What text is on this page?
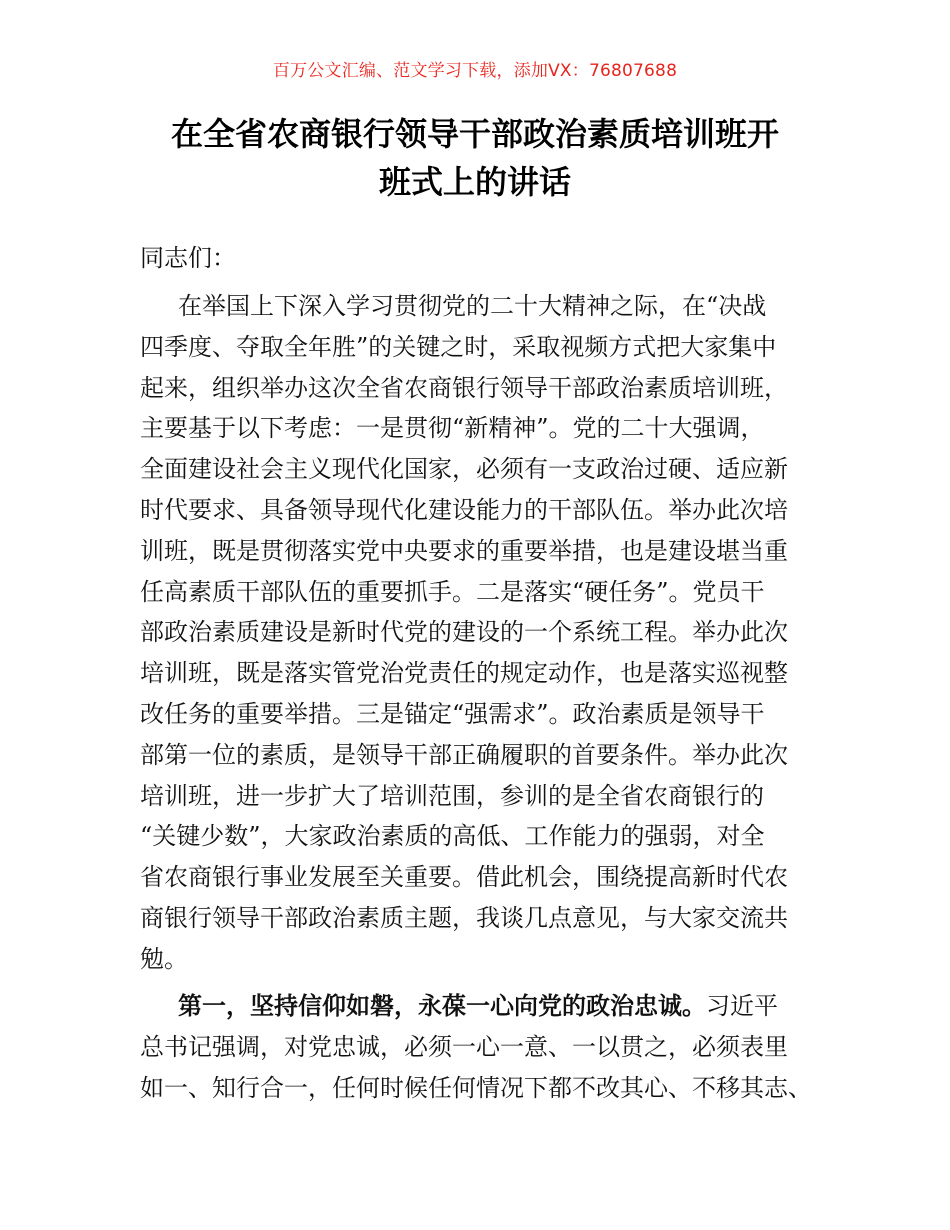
百万公文汇编、范文学习下载，添加VX：76807688
在全省农商银行领导干部政治素质培训班开
班式上的讲话
同志们：
在举国上下深入学习贯彻党的二十大精神之际，在“决战
四季度、夺取全年胜”的关键之时，采取视频方式把大家集中
起来，组织举办这次全省农商银行领导干部政治素质培训班，
主要基于以下考虑：一是贯彻“新精神”。党的二十大强调，
全面建设社会主义现代化国家，必须有一支政治过硬、适应新
时代要求、具备领导现代化建设能力的干部队伍。举办此次培
训班，既是贯彻落实党中央要求的重要举措，也是建设堪当重
任高素质干部队伍的重要抓手。二是落实“硬任务”。党员干
部政治素质建设是新时代党的建设的一个系统工程。举办此次
培训班，既是落实管党治党责任的规定动作，也是落实巡视整
改任务的重要举措。三是锚定“强需求”。政治素质是领导干
部第一位的素质，是领导干部正确履职的首要条件。举办此次
培训班，进一步扩大了培训范围，参训的是全省农商银行的
“关键少数”，大家政治素质的高低、工作能力的强弱，对全
省农商银行事业发展至关重要。借此机会，围绕提高新时代农
商银行领导干部政治素质主题，我谈几点意见，与大家交流共
勉。
第一，坚持信仰如磐，永葆一心向党的政治忠诚。习近平
总书记强调，对党忠诚，必须一心一意、一以贯之，必须表里
如一、知行合一，任何时候任何情况下都不改其心、不移其志、
